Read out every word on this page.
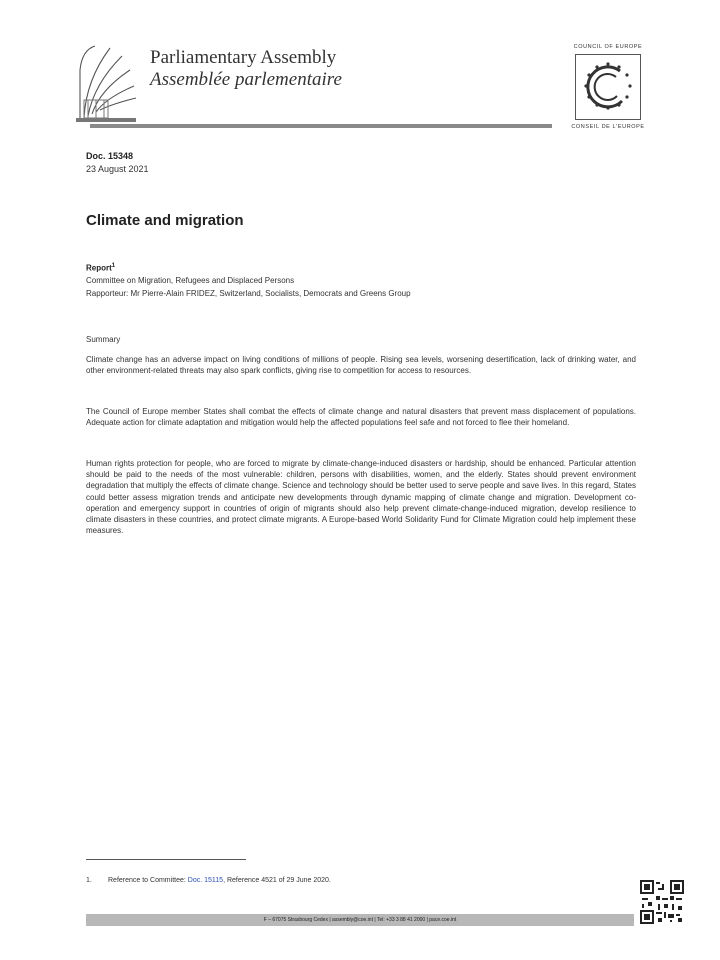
Parliamentary Assembly
Assemblée parlementaire
COUNCIL OF EUROPE
CONSEIL DE L'EUROPE
Doc. 15348
23 August 2021
Climate and migration
Report$^1$
Committee on Migration, Refugees and Displaced Persons
Rapporteur: Mr Pierre-Alain FRIDEZ, Switzerland, Socialists, Democrats and Greens Group
Summary

Climate change has an adverse impact on living conditions of millions of people. Rising sea levels, worsening desertification, lack of drinking water, and other environment-related threats may also spark conflicts, giving rise to competition for access to resources.

The Council of Europe member States shall combat the effects of climate change and natural disasters that prevent mass displacement of populations. Adequate action for climate adaptation and mitigation would help the affected populations feel safe and not forced to flee their homeland.

Human rights protection for people, who are forced to migrate by climate-change-induced disasters or hardship, should be enhanced. Particular attention should be paid to the needs of the most vulnerable: children, persons with disabilities, women, and the elderly. States should prevent environment degradation that multiply the effects of climate change. Science and technology should be better used to serve people and save lives. In this regard, States could better assess migration trends and anticipate new developments through dynamic mapping of climate change and migration. Development co-operation and emergency support in countries of origin of migrants should also help prevent climate-change-induced migration, develop resilience to climate disasters in these countries, and protect climate migrants. A Europe-based World Solidarity Fund for Climate Migration could help implement these measures.

1. Reference to Committee: Doc. 15115, Reference 4521 of 29 June 2020.
F – 67075 Strasbourg Cedex | assembly@coe.int | Tel: +33 3 88 41 2000 | pace.coe.int
